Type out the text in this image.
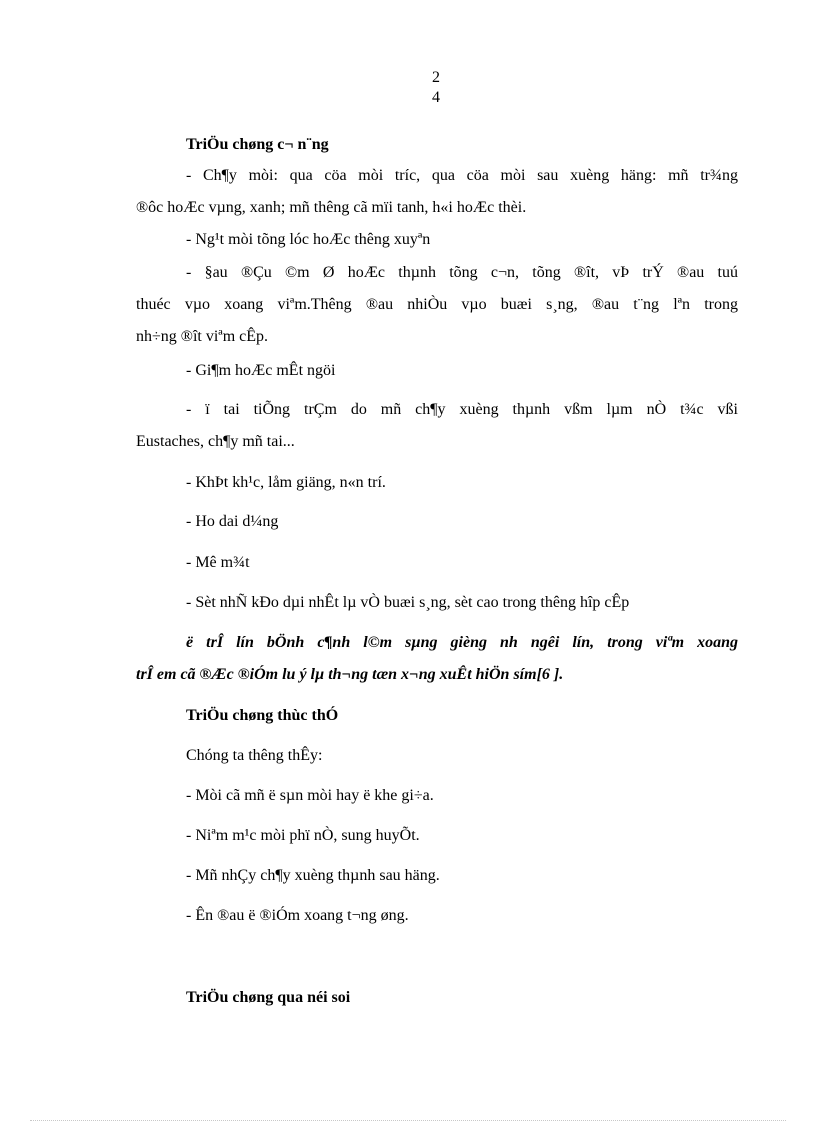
2
4
TriÖu chøng c¬ n¨ng
- Ch¶y mòi: qua cöa mòi tríc, qua cöa mòi sau xuèng häng: mñ tr¾ng
®ôc hoÆc vµng, xanh; mñ thêng cã mïi tanh, h«i hoÆc thèi.
- Ng¹t mòi tõng lóc hoÆc thêng xuyªn
- §au ®Çu ©m Ø hoÆc thµnh tõng c¬n, tõng ®ît, vÞ trÝ ®au tuú
thuéc vµo xoang viªm.Thêng ®au nhiÒu vµo buæi s¸ng, ®au t¨ng lªn trong
nh÷ng ®ît viªm cÊp.
- Gi¶m hoÆc mÊt ngöi
- ï tai tiÕng trÇm do mñ ch¶y xuèng thµnh vßm lµm nÒ t¾c vßi
Eustaches, ch¶y mñ tai...
- KhÞt kh¹c, låm giäng, n«n trí.
- Ho dai d¼ng
- Mê m¾t
- Sèt nhÑ kÐo dµi nhÊt lµ vÒ buæi s¸ng, sèt cao trong thêng hîp cÊp
ë trÎ lín bÖnh c¶nh l©m sµng gièng nh ngêi lín, trong viªm xoang
trÎ em cã ®Æc ®iÓm lu ý lµ th¬ng tæn x¬ng xuÊt hiÖn sím[6 ].
TriÖu chøng thùc thÓ
Chóng ta thêng thÊy:
- Mòi cã mñ ë sµn mòi hay ë khe gi÷a.
- Niªm m¹c mòi phï nÒ, sung huyÕt.
- Mñ nhÇy ch¶y xuèng thµnh sau häng.
- Ên ®au ë ®iÓm xoang t¬ng øng.
TriÖu chøng qua néi soi
